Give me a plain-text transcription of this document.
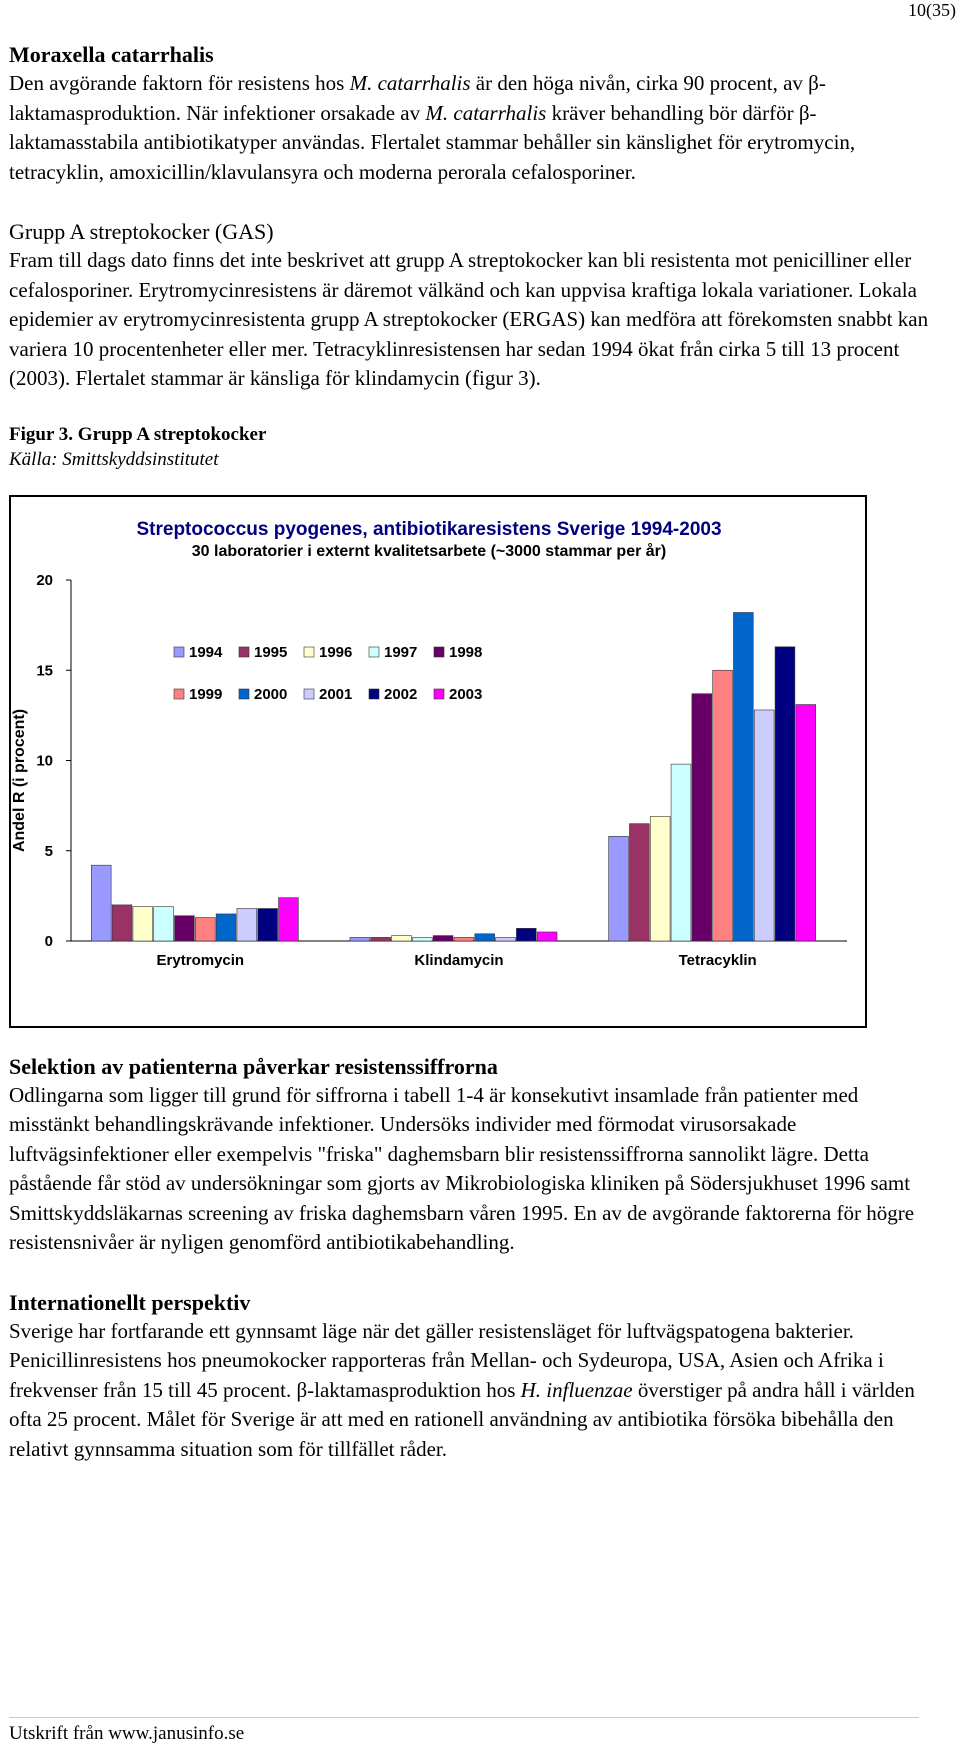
10(35)
Moraxella catarrhalis

Den avgörande faktorn för resistens hos M. catarrhalis är den höga nivån, cirka 90 procent, av β-laktamasproduktion. När infektioner orsakade av M. catarrhalis kräver behandling bör därför β-laktamasstabila antibiotikatyper användas. Flertalet stammar behåller sin känslighet för erytromycin, tetracyklin, amoxicillin/klavulansyra och moderna perorala cefalosporiner.

Grupp A streptokocker (GAS)

Fram till dags dato finns det inte beskrivet att grupp A streptokocker kan bli resistenta mot penicilliner eller cefalosporiner. Erytromycinresistens är däremot välkänd och kan uppvisa kraftiga lokala variationer. Lokala epidemier av erytromycinresistenta grupp A streptokocker (ERGAS) kan medföra att förekomsten snabbt kan variera 10 procentenheter eller mer. Tetracyklinresistensen har sedan 1994 ökat från cirka 5 till 13 procent (2003). Flertalet stammar är känsliga för klindamycin (figur 3).

Figur 3. Grupp A streptokocker
Källa: Smittskyddsinstitutet
Streptococcus pyogenes, antibiotikaresistens Sverige 1994-2003
30 laboratorier i externt kvalitetsarbete (~3000 stammar per år)
0
5
10
15
20
Andel R (i procent)
Erytromycin	Klindamycin	Tetracyklin
1994 1995 1996 1997 1998
1999 2000 2001 2002 2003
Selektion av patienterna påverkar resistenssiffrorna

Odlingarna som ligger till grund för siffrorna i tabell 1-4 är konsekutivt insamlade från patienter med misstänkt behandlingskrävande infektioner. Undersöks individer med förmodat virusorsakade luftvägsinfektioner eller exempelvis "friska" daghemsbarn blir resistenssiffrorna sannolikt lägre. Detta påstående får stöd av undersökningar som gjorts av Mikrobiologiska kliniken på Södersjukhuset 1996 samt Smittskyddsläkarnas screening av friska daghemsbarn våren 1995. En av de avgörande faktorerna för högre resistensnivåer är nyligen genomförd antibiotikabehandling.

Internationellt perspektiv

Sverige har fortfarande ett gynnsamt läge när det gäller resistensläget för luftvägspatogena bakterier. Penicillinresistens hos pneumokocker rapporteras från Mellan- och Sydeuropa, USA, Asien och Afrika i frekvenser från 15 till 45 procent. β-laktamasproduktion hos H. influenzae överstiger på andra håll i världen ofta 25 procent. Målet för Sverige är att med en rationell användning av antibiotika försöka bibehålla den relativt gynnsamma situation som för tillfället råder.

Utskrift från www.janusinfo.se
